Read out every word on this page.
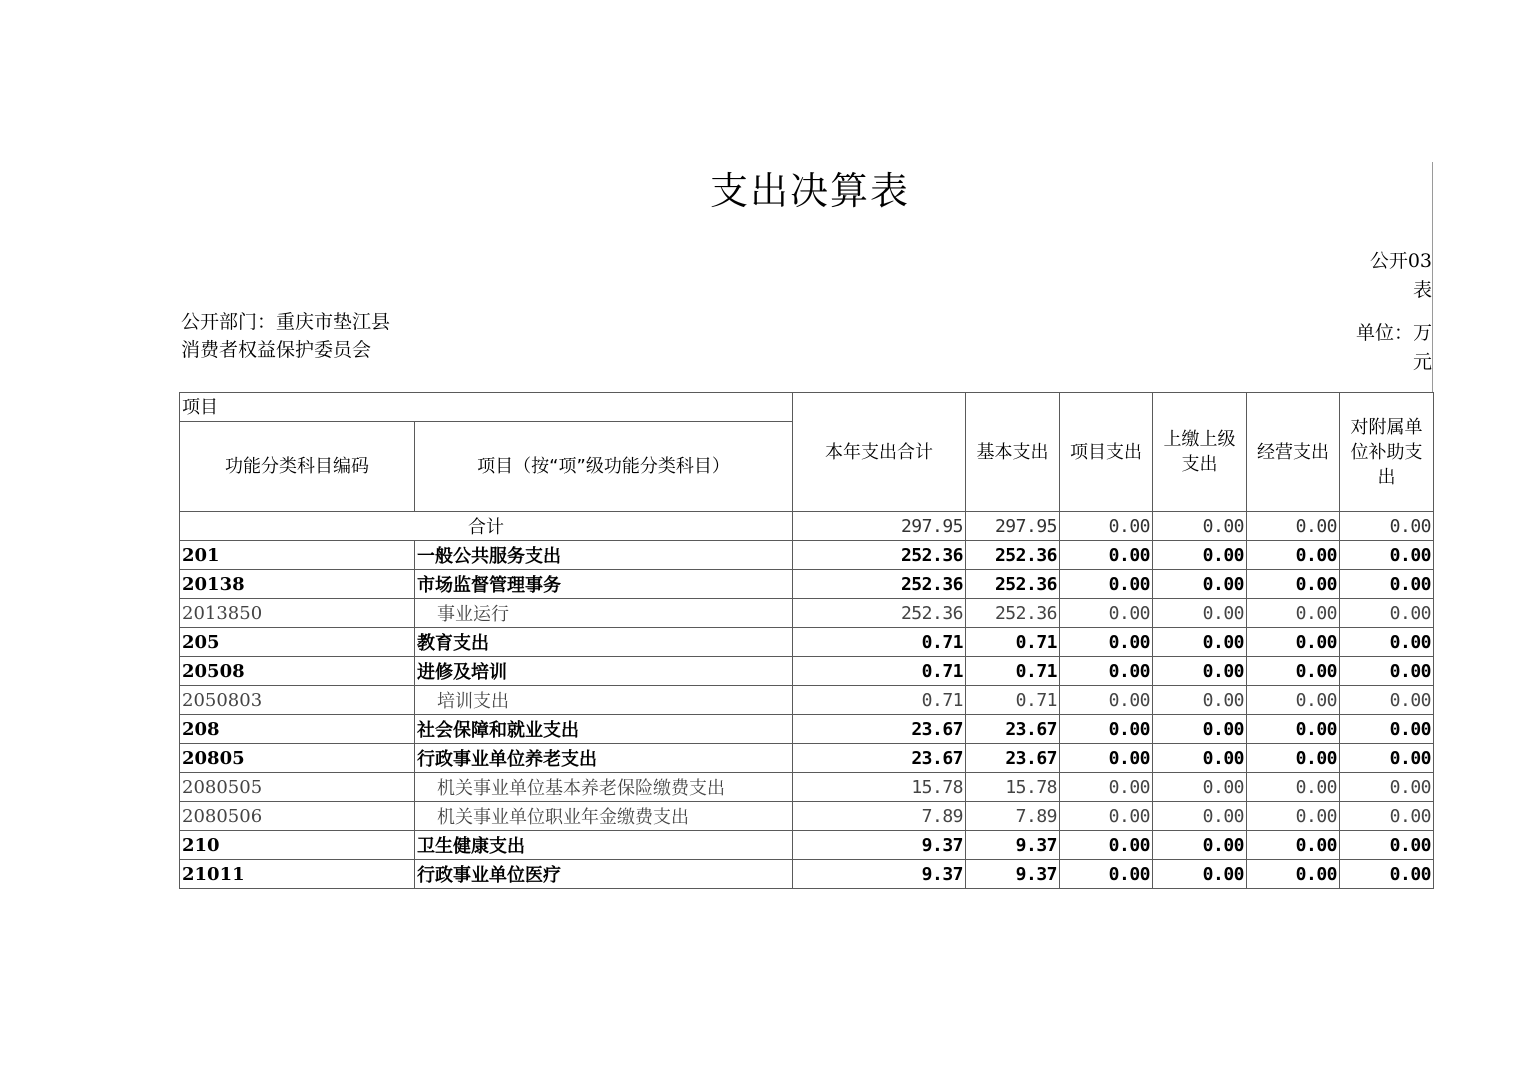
支出决算表
公开03表
公开部门：重庆市垫江县消费者权益保护委员会
单位：万元
项目		本年支出合计	基本支出	项目支出	上缴上级支出	经营支出	对附属单位补助支出
功能分类科目编码	项目（按“项”级功能分类科目）						
合计		297.95	297.95	0.00	0.00	0.00	0.00
201	一般公共服务支出	252.36	252.36	0.00	0.00	0.00	0.00
20138	市场监督管理事务	252.36	252.36	0.00	0.00	0.00	0.00
2013850	事业运行	252.36	252.36	0.00	0.00	0.00	0.00
205	教育支出	0.71	0.71	0.00	0.00	0.00	0.00
20508	进修及培训	0.71	0.71	0.00	0.00	0.00	0.00
2050803	培训支出	0.71	0.71	0.00	0.00	0.00	0.00
208	社会保障和就业支出	23.67	23.67	0.00	0.00	0.00	0.00
20805	行政事业单位养老支出	23.67	23.67	0.00	0.00	0.00	0.00
2080505	机关事业单位基本养老保险缴费支出	15.78	15.78	0.00	0.00	0.00	0.00
2080506	机关事业单位职业年金缴费支出	7.89	7.89	0.00	0.00	0.00	0.00
210	卫生健康支出	9.37	9.37	0.00	0.00	0.00	0.00
21011	行政事业单位医疗	9.37	9.37	0.00	0.00	0.00	0.00
